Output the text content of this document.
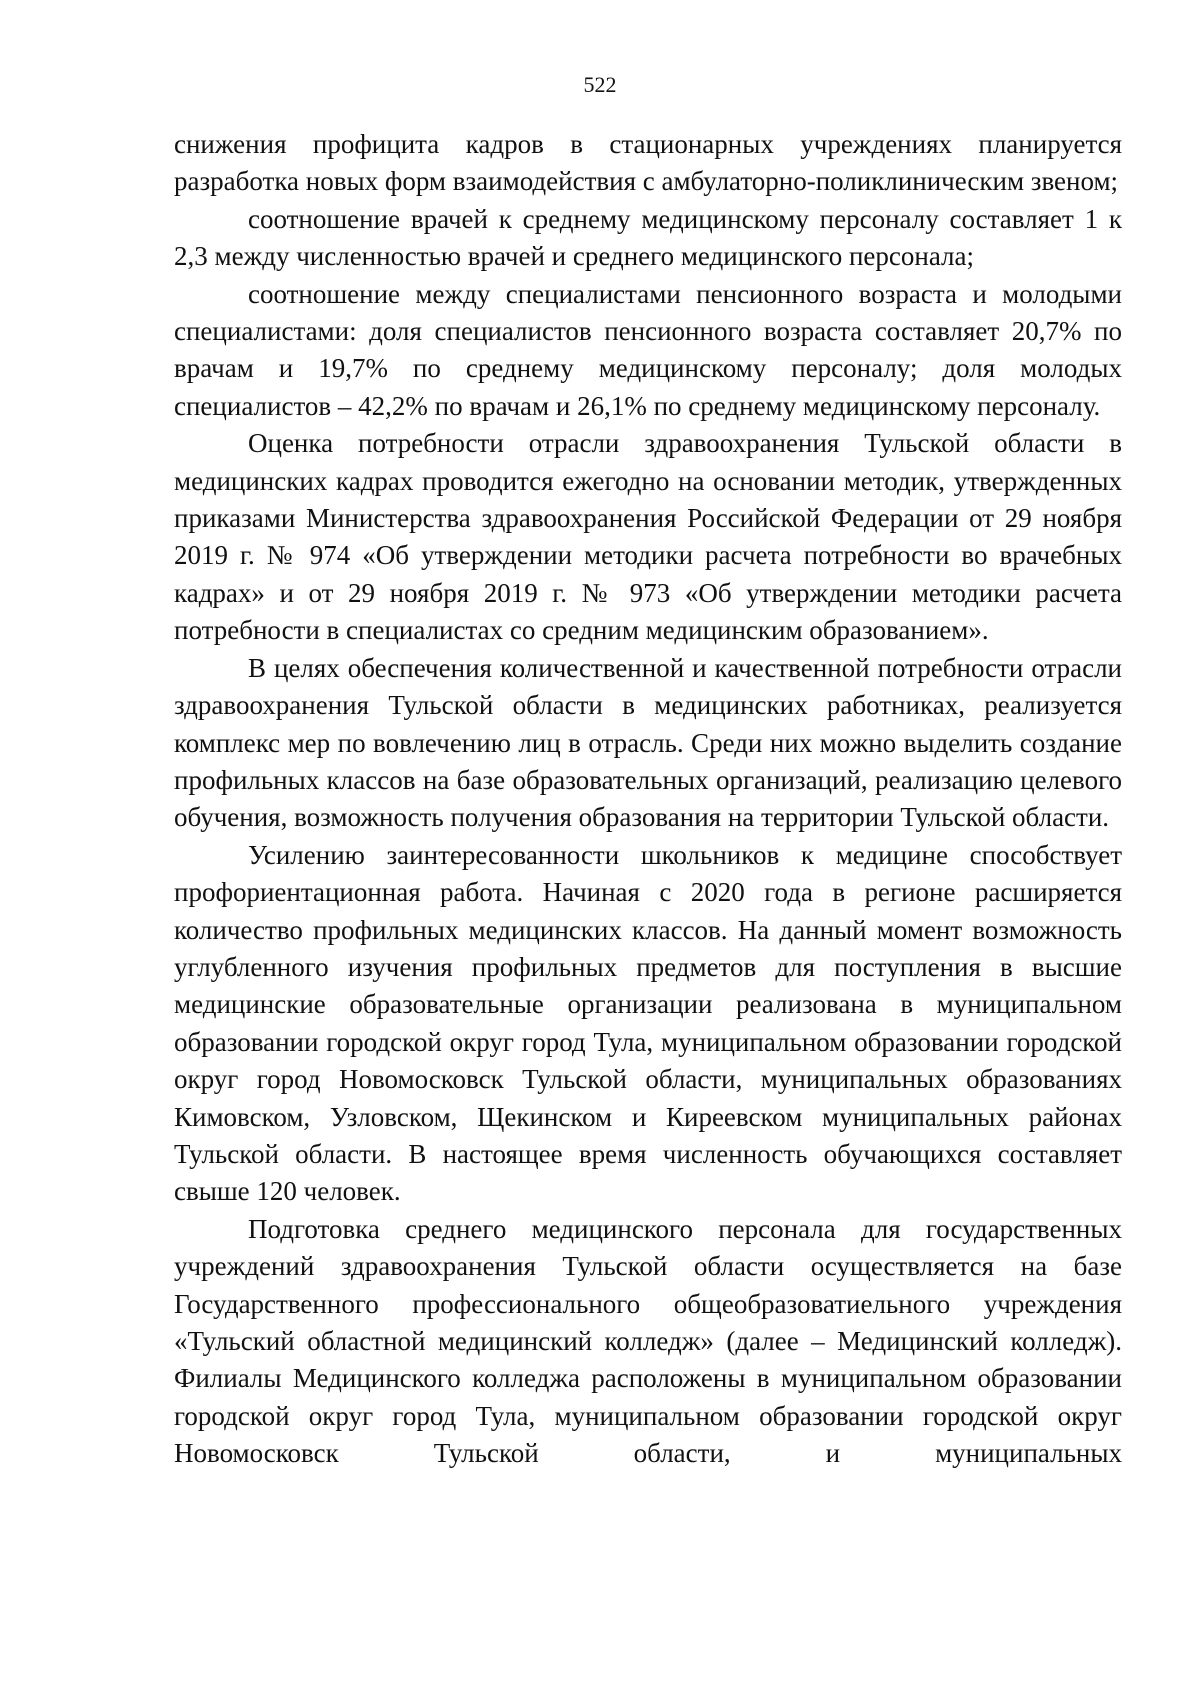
522

снижения профицита кадров в стационарных учреждениях планируется разработка новых форм взаимодействия с амбулаторно-поликлиническим звеном;

соотношение врачей к среднему медицинскому персоналу составляет 1 к 2,3 между численностью врачей и среднего медицинского персонала;

соотношение между специалистами пенсионного возраста и молодыми специалистами: доля специалистов пенсионного возраста составляет 20,7% по врачам и 19,7% по среднему медицинскому персоналу; доля молодых специалистов – 42,2% по врачам и 26,1% по среднему медицинскому персоналу.

Оценка потребности отрасли здравоохранения Тульской области в медицинских кадрах проводится ежегодно на основании методик, утвержденных приказами Министерства здравоохранения Российской Федерации от 29 ноября 2019 г. № 974 «Об утверждении методики расчета потребности во врачебных кадрах» и от 29 ноября 2019 г. № 973 «Об утверждении методики расчета потребности в специалистах со средним медицинским образованием».

В целях обеспечения количественной и качественной потребности отрасли здравоохранения Тульской области в медицинских работниках, реализуется комплекс мер по вовлечению лиц в отрасль. Среди них можно выделить создание профильных классов на базе образовательных организаций, реализацию целевого обучения, возможность получения образования на территории Тульской области.

Усилению заинтересованности школьников к медицине способствует профориентационная работа. Начиная с 2020 года в регионе расширяется количество профильных медицинских классов. На данный момент возможность углубленного изучения профильных предметов для поступления в высшие медицинские образовательные организации реализована в муниципальном образовании городской округ город Тула, муниципальном образовании городской округ город Новомосковск Тульской области, муниципальных образованиях Кимовском, Узловском, Щекинском и Киреевском муниципальных районах Тульской области. В настоящее время численность обучающихся составляет свыше 120 человек.

Подготовка среднего медицинского персонала для государственных учреждений здравоохранения Тульской области осуществляется на базе Государственного профессионального общеобразоватиельного учреждения «Тульский областной медицинский колледж» (далее – Медицинский колледж). Филиалы Медицинского колледжа расположены в муниципальном образовании городской округ город Тула, муниципальном образовании городской округ Новомосковск Тульской области, и муниципальных
